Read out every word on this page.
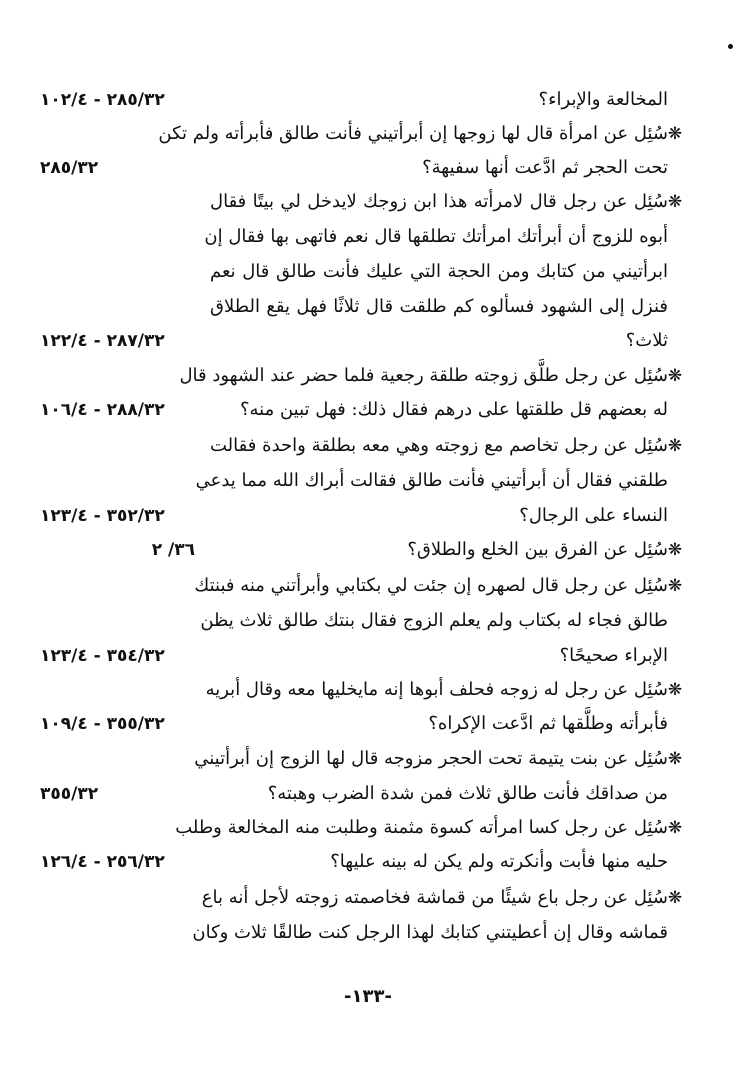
المخالعة والإبراء؟
٢٨٥/٣٢ - ١٠٢/٤
❋
سُئِل عن امرأة قال لها زوجها إن أبرأتيني فأنت طالق فأبرأته ولم تكن
تحت الحجر ثم ادَّعت أنها سفيهة؟
٢٨٥/٣٢
❋
سُئِل عن رجل قال لامرأته هذا ابن زوجك لايدخل لي بيتًا فقال
أبوه للزوج أن أبرأتك امرأتك تطلقها قال نعم فاتهى بها فقال إن
ابرأتيني من كتابك ومن الحجة التي عليك فأنت طالق قال نعم
فنزل إلى الشهود فسألوه كم طلقت قال ثلاثًا فهل يقع الطلاق
ثلاث؟
٢٨٧/٣٢ - ١٢٢/٤
❋
سُئِل عن رجل طلَّق زوجته طلقة رجعية فلما حضر عند الشهود قال
له بعضهم قل طلقتها على درهم فقال ذلك: فهل تبين منه؟
٢٨٨/٣٢ - ١٠٦/٤
❋
سُئِل عن رجل تخاصم مع زوجته وهي معه بطلقة واحدة فقالت
طلقني فقال أن أبرأتيني فأنت طالق فقالت أبراك الله مما يدعي
النساء على الرجال؟
٣٥٢/٣٢ - ١٢٣/٤
❋
سُئِل عن الفرق بين الخلع والطلاق؟
٣٦/ ٢
❋
سُئِل عن رجل قال لصهره إن جئت لي بكتابي وأبرأتني منه فبنتك
طالق فجاء له بكتاب ولم يعلم الزوج فقال بنتك طالق ثلاث يظن
الإبراء صحيحًا؟
٣٥٤/٣٢ - ١٢٣/٤
❋
سُئِل عن رجل له زوجه فحلف أبوها إنه مايخليها معه وقال أبريه
فأبرأته وطلَّقها ثم ادَّعت الإكراه؟
٣٥٥/٣٢ - ١٠٩/٤
❋
سُئِل عن بنت يتيمة تحت الحجر مزوجه قال لها الزوج إن أبرأتيني
من صداقك فأنت طالق ثلاث فمن شدة الضرب وهبته؟
٣٥٥/٣٢
❋
سُئِل عن رجل كسا امرأته كسوة مثمنة وطلبت منه المخالعة وطلب
حليه منها فأبت وأنكرته ولم يكن له بينه عليها؟
٢٥٦/٣٢ - ١٢٦/٤
❋
سُئِل عن رجل باع شيئًا من قماشة فخاصمته زوجته لأجل أنه باع
قماشه وقال إن أعطيتني كتابك لهذا الرجل كنت طالقًا ثلاث وكان
-١٣٣-
